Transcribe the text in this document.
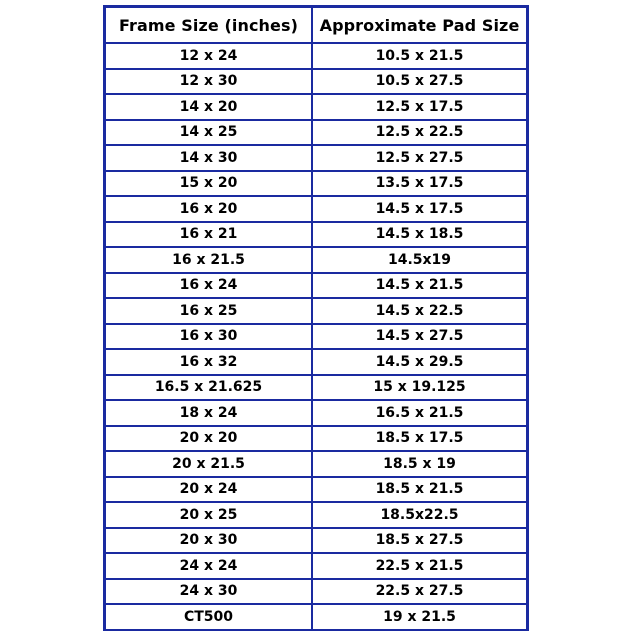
Frame Size (inches)	Approximate Pad Size
12 x 24	10.5 x 21.5
12 x 30	10.5 x 27.5
14 x 20	12.5 x 17.5
14 x 25	12.5 x 22.5
14 x 30	12.5 x 27.5
15 x 20	13.5 x 17.5
16 x 20	14.5 x 17.5
16 x 21	14.5 x 18.5
16 x 21.5	14.5x19
16 x 24	14.5 x 21.5
16 x 25	14.5 x 22.5
16 x 30	14.5 x 27.5
16 x 32	14.5 x 29.5
16.5 x 21.625	15 x 19.125
18 x 24	16.5 x 21.5
20 x 20	18.5 x 17.5
20 x 21.5	18.5 x 19
20 x 24	18.5 x 21.5
20 x 25	18.5x22.5
20 x 30	18.5 x 27.5
24 x 24	22.5 x 21.5
24 x 30	22.5 x 27.5
CT500	19 x 21.5
